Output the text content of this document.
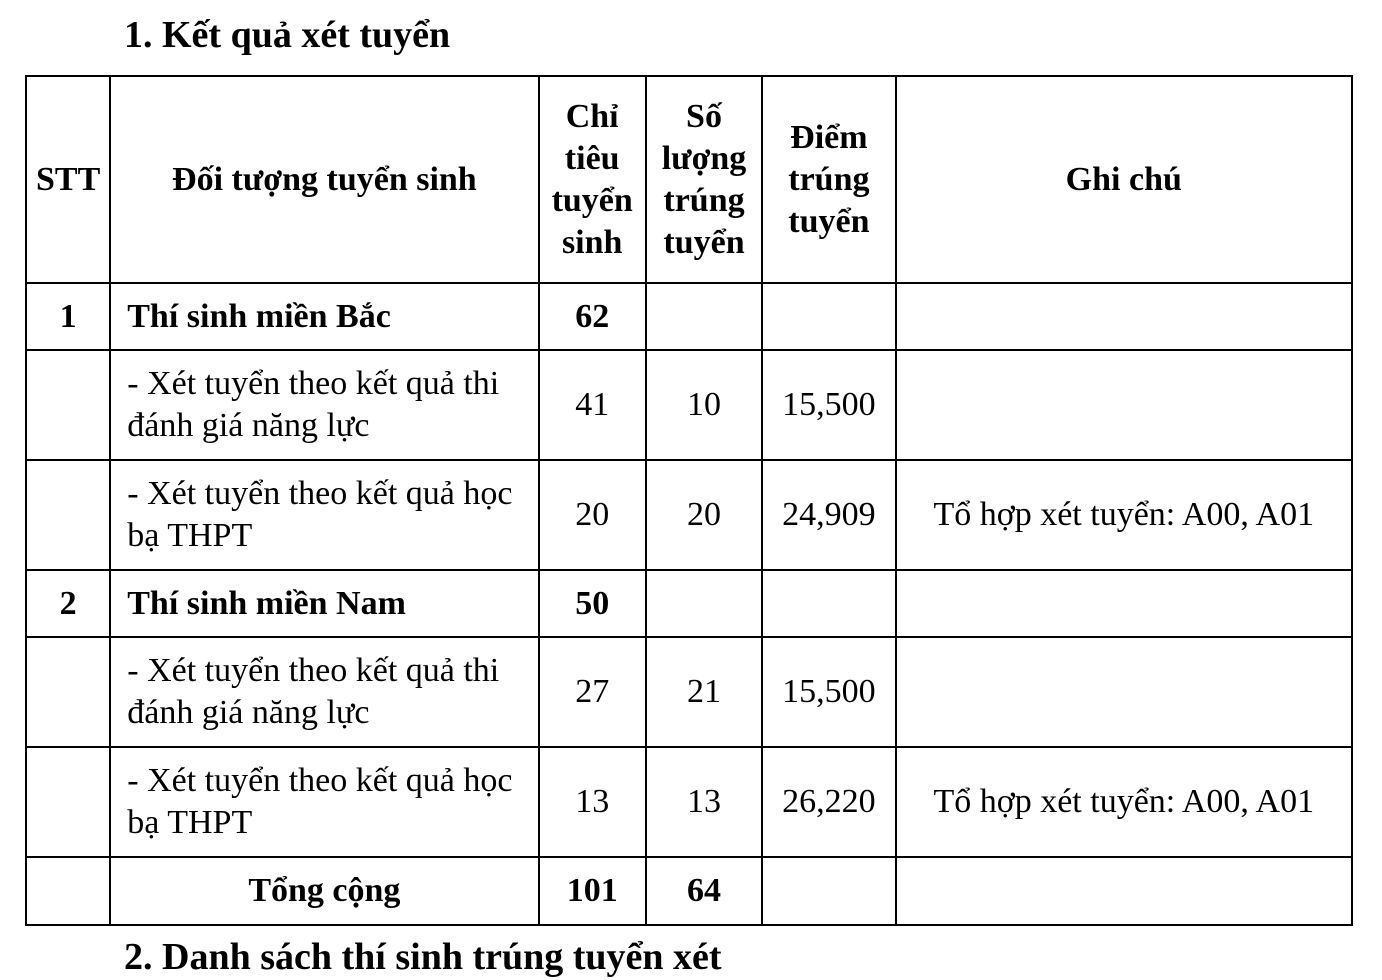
1. Kết quả xét tuyển
STT	Đối tượng tuyển sinh	Chỉ tiêu tuyển sinh	Số lượng trúng tuyển	Điểm trúng tuyển	Ghi chú
1	Thí sinh miền Bắc	62			
	- Xét tuyển theo kết quả thi đánh giá năng lực	41	10	15,500	
	- Xét tuyển theo kết quả học bạ THPT	20	20	24,909	Tổ hợp xét tuyển: A00, A01
2	Thí sinh miền Nam	50			
	- Xét tuyển theo kết quả thi đánh giá năng lực	27	21	15,500	
	- Xét tuyển theo kết quả học bạ THPT	13	13	26,220	Tổ hợp xét tuyển: A00, A01
	Tổng cộng	101	64		
2. Danh sách thí sinh trúng tuyển xét
